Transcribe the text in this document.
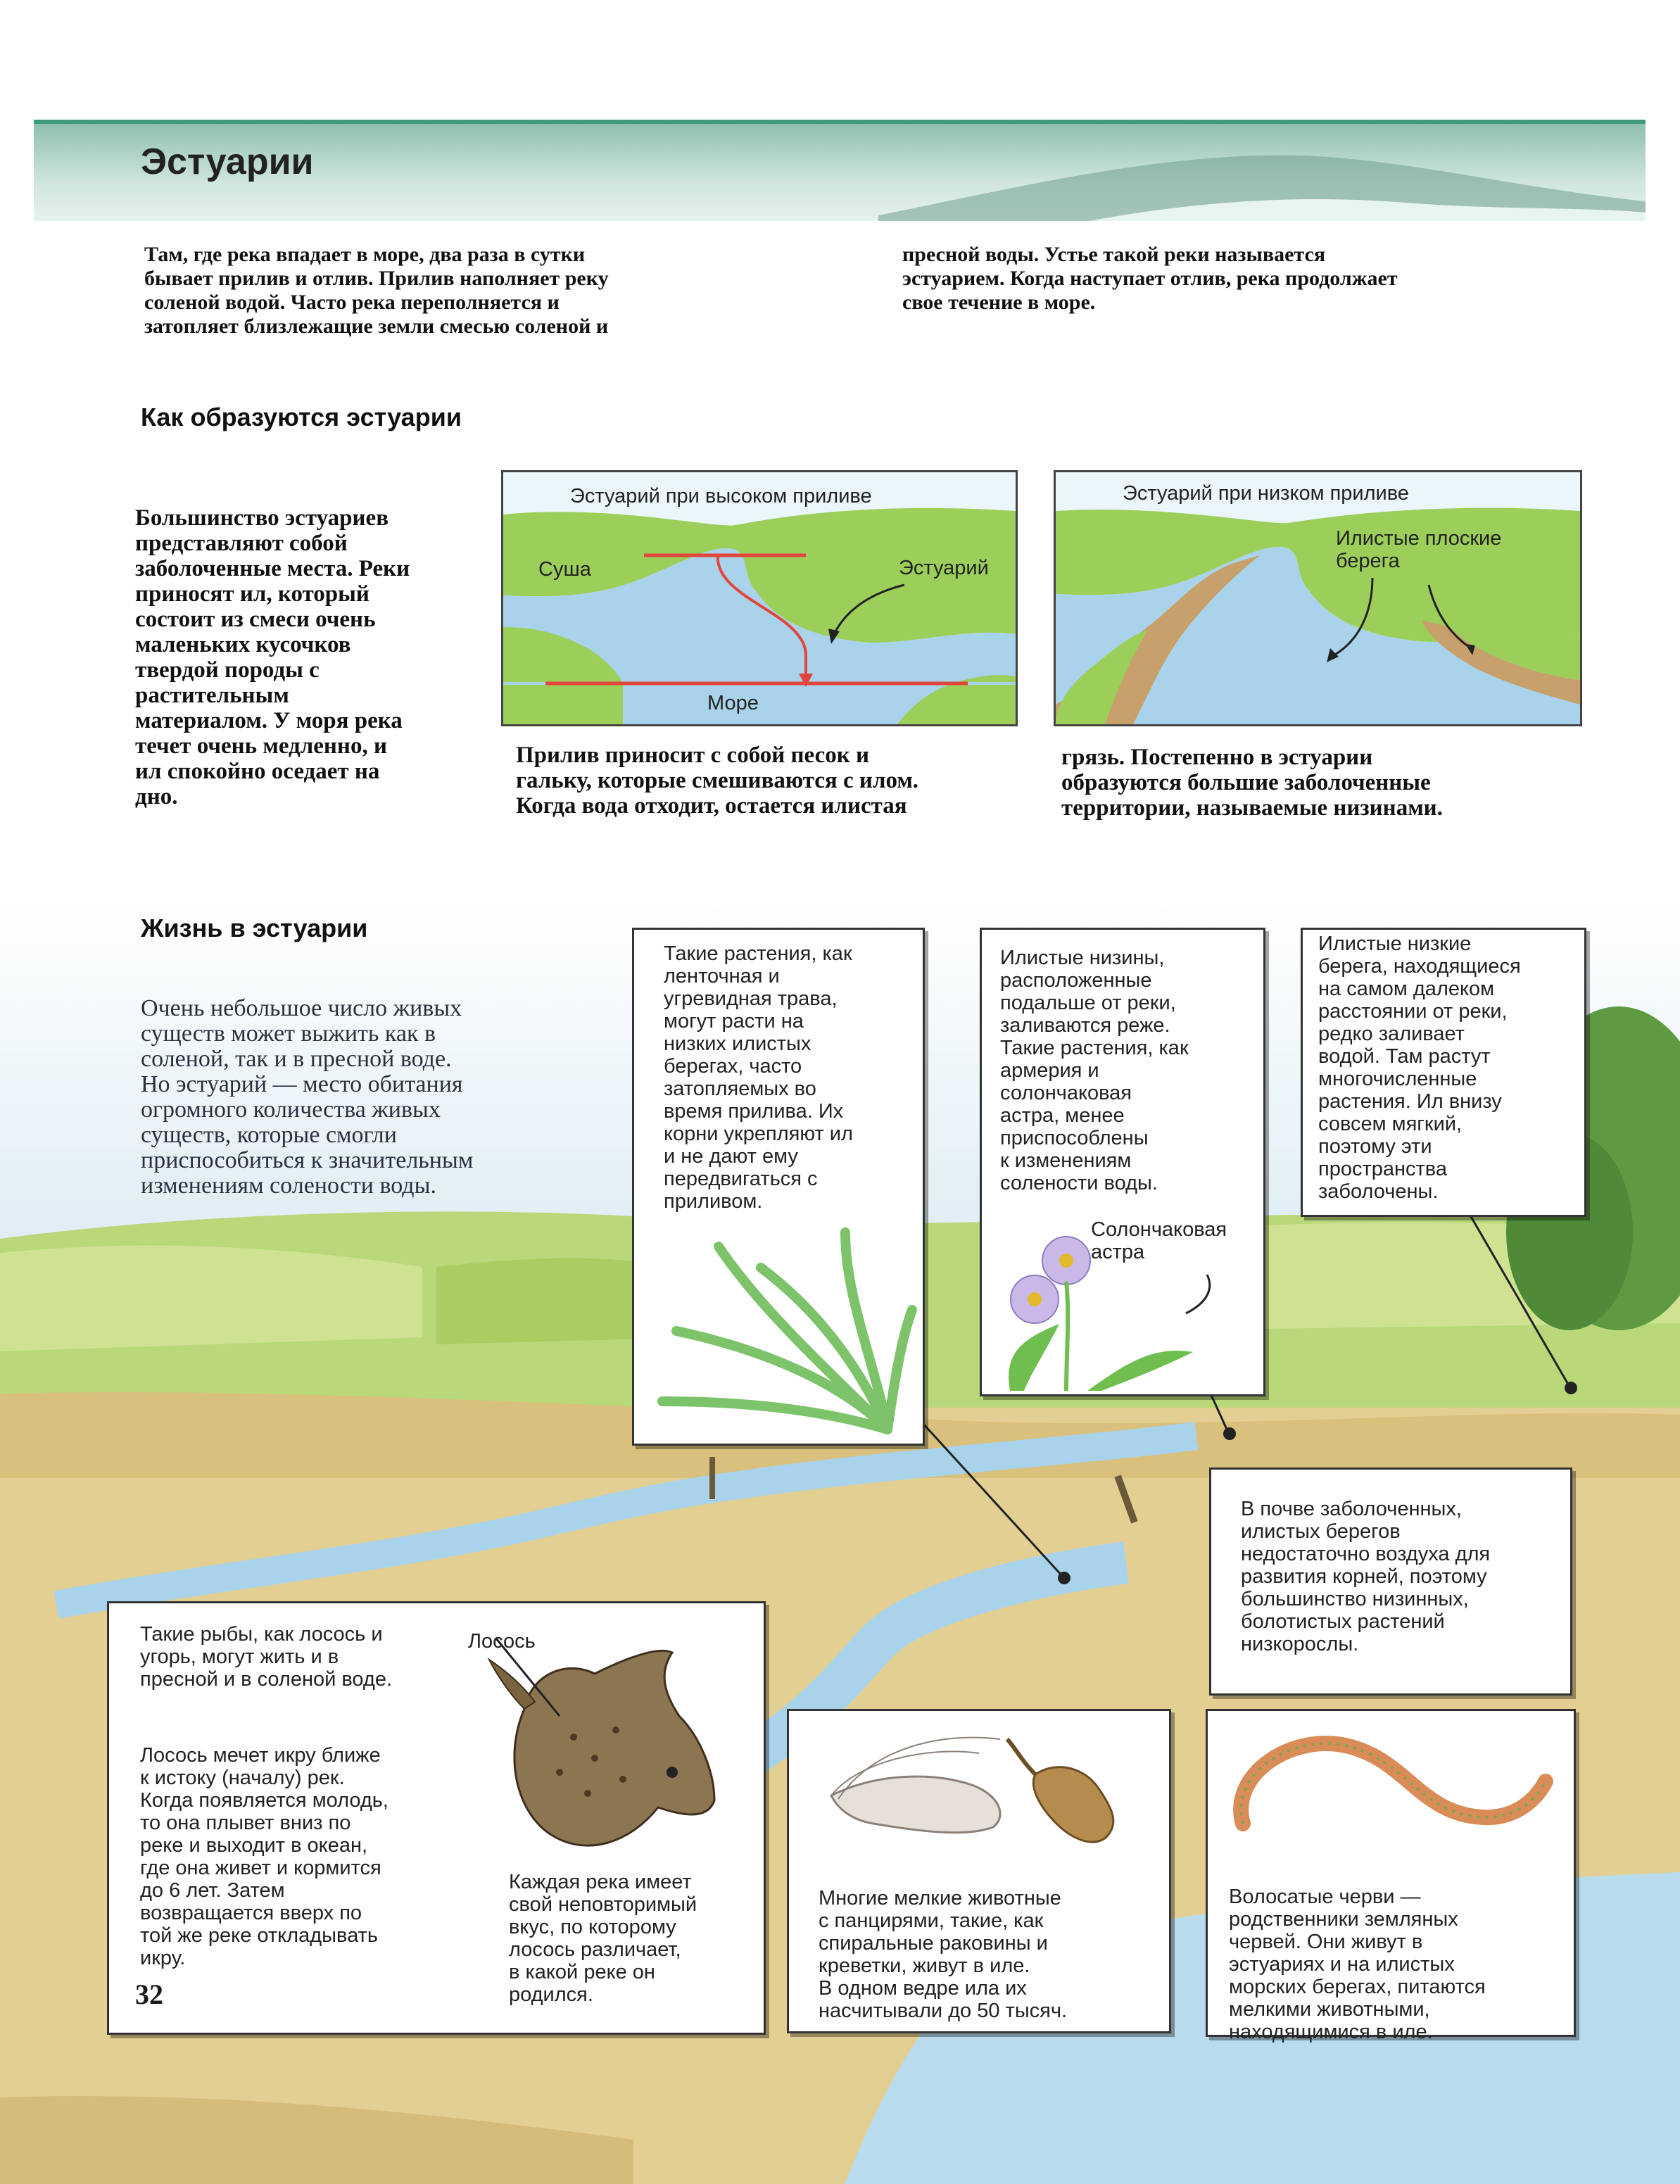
Эстуарии
Там, где река впадает в море, два раза в сутки
бывает прилив и отлив. Прилив наполняет реку
соленой водой. Часто река переполняется и
затопляет близлежащие земли смесью соленой и
пресной воды. Устье такой реки называется
эстуарием. Когда наступает отлив, река продолжает
свое течение в море.
Как образуются эстуарии
Большинство эстуариев
представляют собой
заболоченные места. Реки
приносят ил, который
состоит из смеси очень
маленьких кусочков
твердой породы с
растительным
материалом. У моря река
течет очень медленно, и
ил спокойно оседает на
дно.
Эстуарий при высоком приливе
Суша	Эстуарий
Море
Эстуарий при низком приливе
Илистые плоские
берега
Прилив приносит с собой песок и
гальку, которые смешиваются с илом.
Когда вода отходит, остается илистая
грязь. Постепенно в эстуарии
образуются большие заболоченные
территории, называемые низинами.
Жизнь в эстуарии
Очень небольшое число живых
существ может выжить как в
соленой, так и в пресной воде.
Но эстуарий — место обитания
огромного количества живых
существ, которые смогли
приспособиться к значительным
изменениям солености воды.

Такие растения, как

ленточная и

угревидная трава,

могут расти на

низких илистых

берегах, часто

затопляемых во

время прилива. Их

корни укрепляют ил

и не дают ему

передвигаться с

приливом.

Илистые низины,

расположенные

подальше от реки,

заливаются реже.

Такие растения, как

армерия и

солончаковая

астра, менее

приспособлены

к изменениям

солености воды.

Солончаковая
астра

Илистые низкие

берега, находящиеся

на самом далеком

расстоянии от реки,

редко заливает

водой. Там растут

многочисленные

растения. Ил внизу

совсем мягкий,

поэтому эти

пространства

заболочены.

В почве заболоченных,

илистых берегов

недостаточно воздуха для

развития корней, поэтому

большинство низинных,

болотистых растений

низкорослы.

Такие рыбы, как лосось и

угорь, могут жить и в

пресной и в соленой воде.

Лосось

Лосось мечет икру ближе

к истоку (началу) рек.

Когда появляется молодь,

то она плывет вниз по

реке и выходит в океан,

где она живет и кормится

до 6 лет. Затем

возвращается вверх по

той же реке откладывать

икру.

Каждая река имеет

свой неповторимый

вкус, по которому

лосось различает,

в какой реке он

родился.

Многие мелкие животные

с панцирями, такие, как

спиральные раковины и

креветки, живут в иле.

В одном ведре ила их

насчитывали до 50 тысяч.

Волосатые черви —

родственники земляных

червей. Они живут в

эстуариях и на илистых

морских берегах, питаются

мелкими животными,

находящимися в иле.

32
